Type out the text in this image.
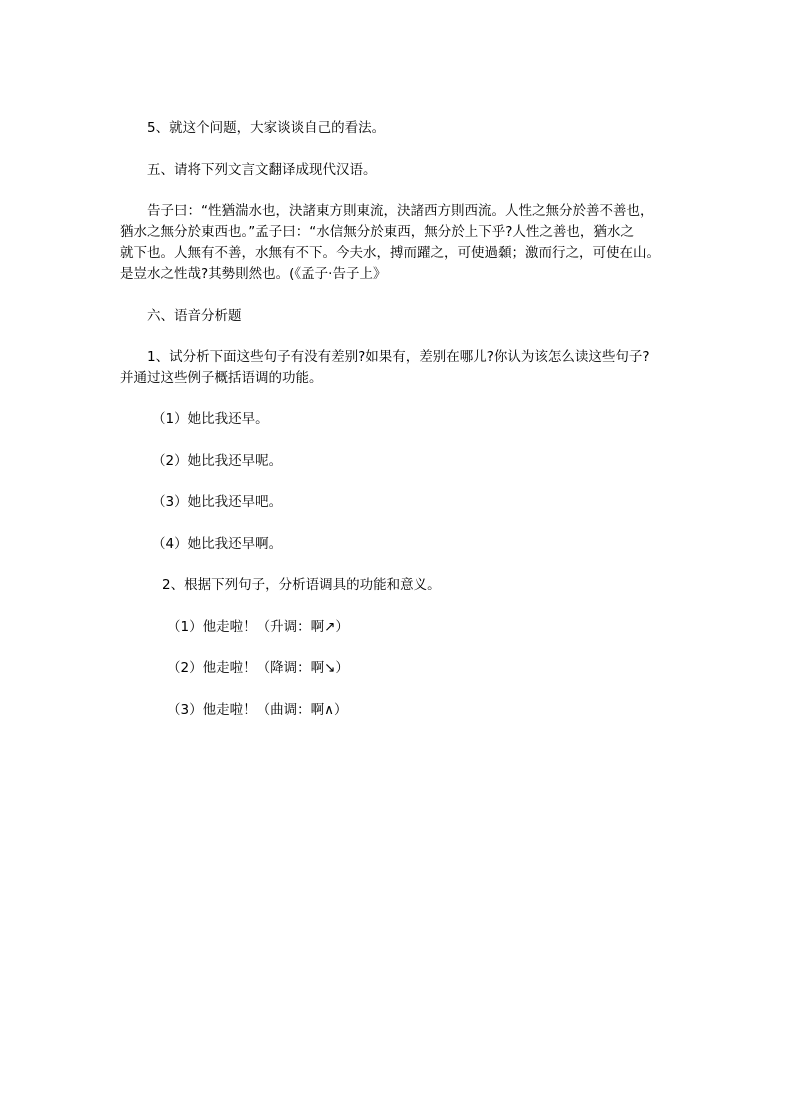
5、就这个问题，大家谈谈自己的看法。
五、请将下列文言文翻译成现代汉语。
告子曰：“性猶湍水也，決諸東方則東流，決諸西方則西流。人性之無分於善不善也，
猶水之無分於東西也。”孟子曰：“水信無分於東西，無分於上下乎?人性之善也，猶水之
就下也。人無有不善，水無有不下。今夫水，搏而躍之，可使過顙；激而行之，可使在山。
是豈水之性哉?其勢則然也。(《孟子·告子上》
六、语音分析题
1、试分析下面这些句子有没有差别?如果有，差别在哪儿?你认为该怎么读这些句子?
并通过这些例子概括语调的功能。
（1）她比我还早。
（2）她比我还早呢。
（3）她比我还早吧。
（4）她比我还早啊。
2、根据下列句子，分析语调具的功能和意义。
（1）他走啦！（升调：啊↗）
（2）他走啦！（降调：啊↘）
（3）他走啦！（曲调：啊∧）
